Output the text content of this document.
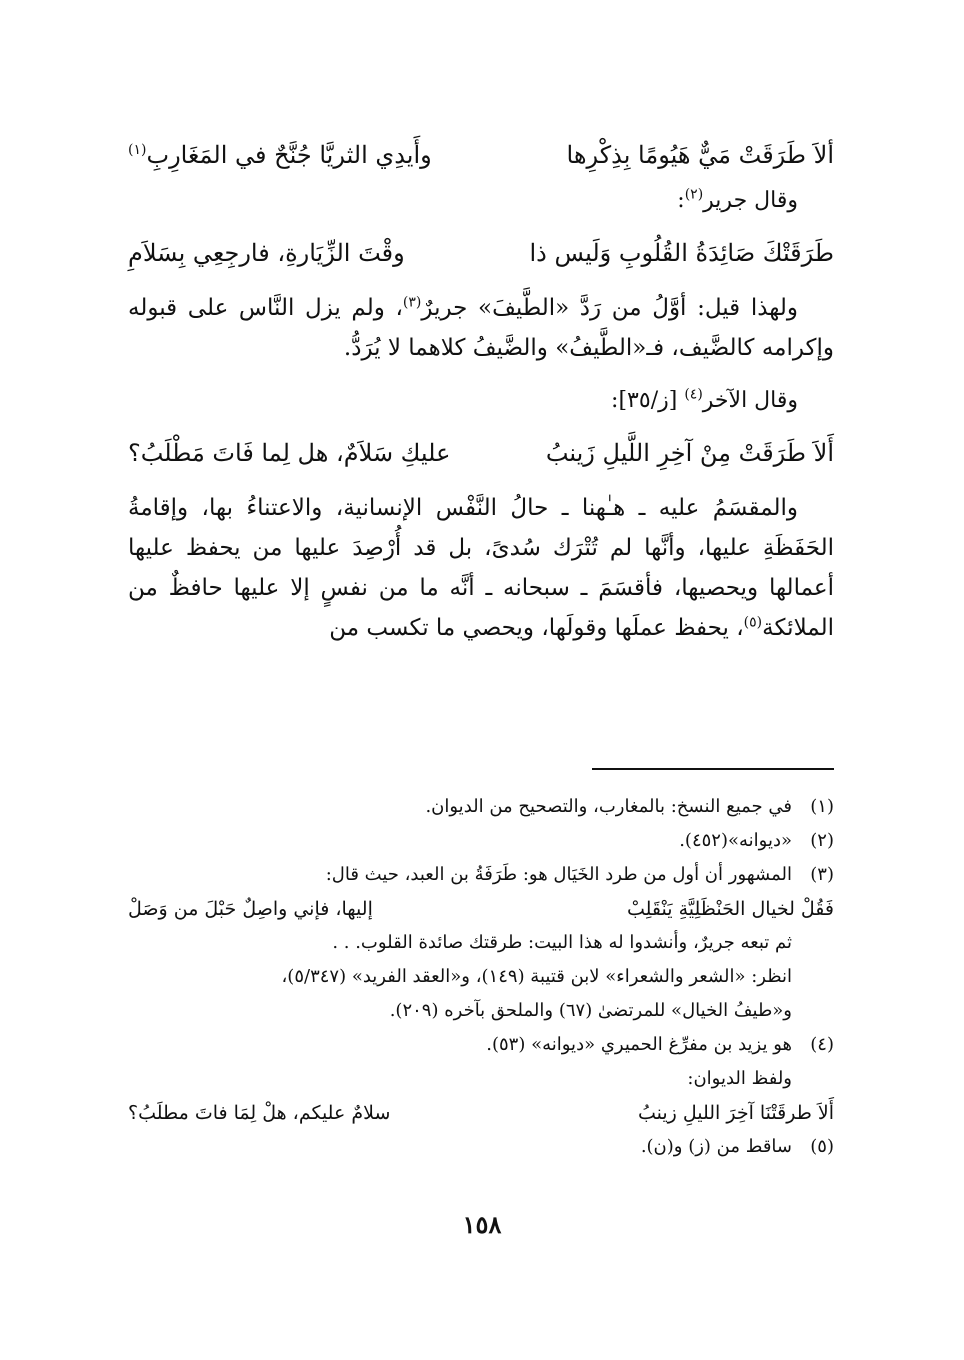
ألاَ طَرَقَتْ مَيٌّ هَيُومًا بِذِكْرِها
وأَيدِي الثريَّا جُنَّحٌ في المَغَارِبِ$^{(١)}$
وقال جرير$^{(٢)}$:
طَرَقَتْكَ صَائِدَةُ القُلُوبِ وَلَيس ذا
وقْتَ الزِّيَارةِ، فارجِعِي بِسَلاَمِ
ولهذا قيل: أوَّلُ من رَدَّ «الطَّيفَ» جريرٌ$^{(٣)}$، ولم يزل النَّاس على قبوله وإكرامه كالضَّيف، فـ«الطَّيفُ» والضَّيفُ كلاهما لا يُرَدُّ.
وقال الآخر$^{(٤)}$ [ز/٣٥]:
أَلاَ طَرَقَتْ مِنْ آخِرِ اللَّيلِ زَينبُ
عليكِ سَلاَمٌ، هل لِما فَاتَ مَطْلَبُ؟
والمقسَمُ عليه ـ هـٰهنا ـ حالُ النَّفْس الإنسانية، والاعتناءُ بها، وإقامةُ الحَفَظَةِ عليها، وأنَّها لم تُتْرَك سُدىً، بل قد أُرْصِدَ عليها من يحفظ عليها أعمالها ويحصيها، فأقسَمَ ـ سبحانه ـ أنَّه ما من نفسٍ إلا عليها حافظٌ من الملائكة$^{(٥)}$، يحفظ عملَها وقولَها، ويحصي ما تكسب من
(١)
في جميع النسخ: بالمغارب، والتصحيح من الديوان.
(٢)
«ديوانه»(٤٥٢).
(٣)
المشهور أن أول من طرد الخَيَال هو: طَرَفَةُ بن العبد، حيث قال:
فَقُلْ لخيال الحَنْظَلِيَّةِ يَنْقَلِبْ
إليها، فإني واصِلٌ حَبْلَ من وَصَلْ
ثم تبعه جريرٌ، وأنشدوا له هذا البيت: طرقتك صائدة القلوب. . .
انظر: «الشعر والشعراء» لابن قتيبة (١٤٩)، و«العقد الفريد» (٥/٣٤٧)،
و«طيفُ الخيال» للمرتضىٰ (٦٧) والملحق بآخره (٢٠٩).
(٤)
هو يزيد بن مفرِّغ الحميري «ديوانه» (٥٣).
ولفظ الديوان:
أَلاَ طرقَتْنَا آخِرَ الليلِ زينبُ
سلامٌ عليكم، هلْ لِمَا فاتَ مطلَبُ؟
(٥)
ساقط من (ز) و(ن).
١٥٨
